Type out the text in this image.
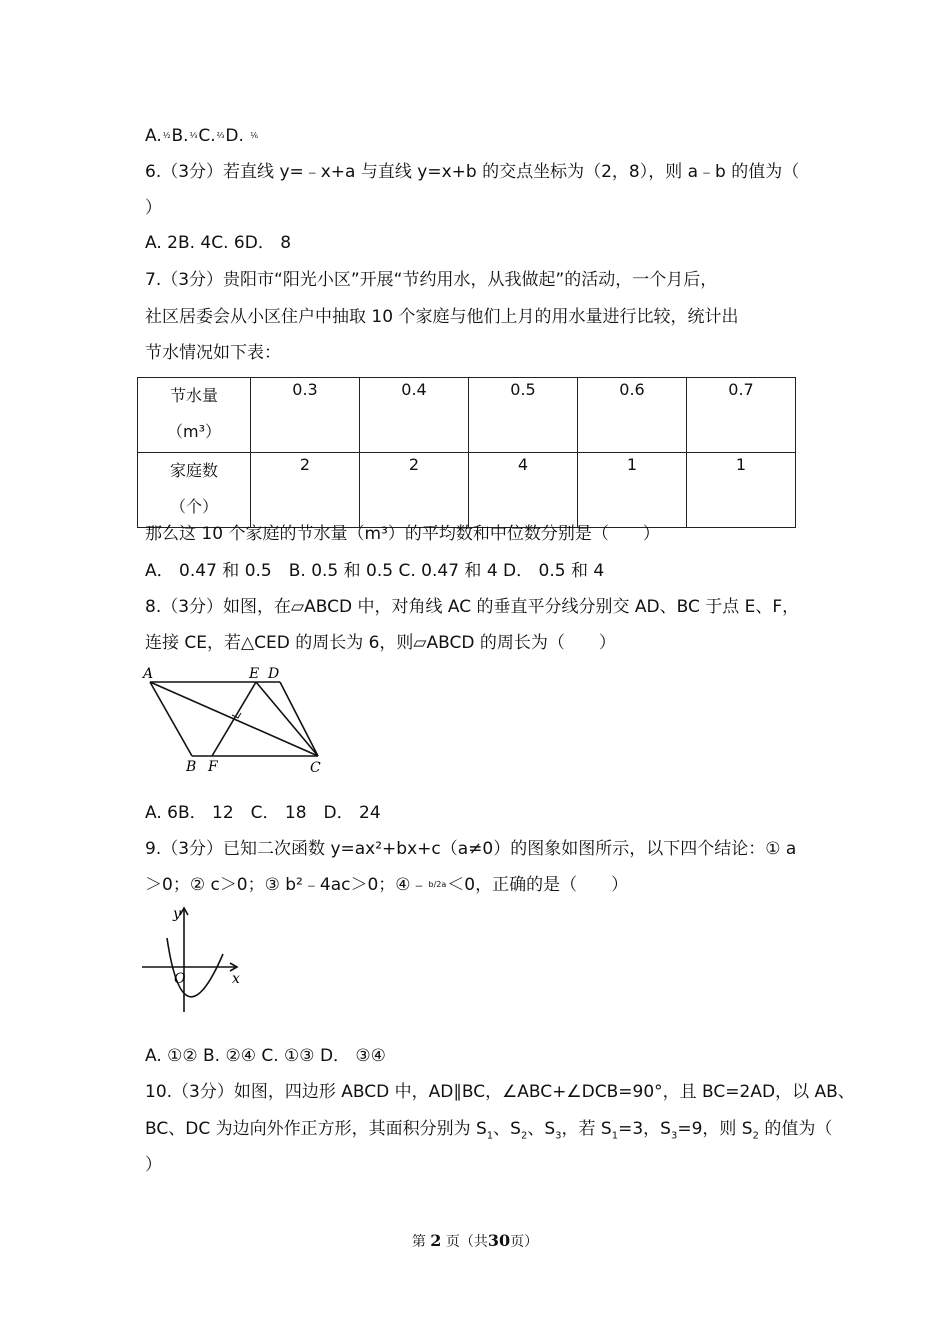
A.½B.⅓C.⅔D. ⅙
6.（3分）若直线 y=﹣x+a 与直线 y=x+b 的交点坐标为（2，8），则 a﹣b 的值为（
）
A. 2B. 4C. 6D． 8
7.（3分）贵阳市“阳光小区”开展“节约用水，从我做起”的活动，一个月后，
社区居委会从小区住户中抽取 10 个家庭与他们上月的用水量进行比较，统计出
节水情况如下表：
节水量
（m³）	0.3	0.4	0.5	0.6	0.7

家庭数
（个）	2	2	4	1	1
那么这 10 个家庭的节水量（m³）的平均数和中位数分别是（　　）
A． 0.47 和 0.5　B. 0.5 和 0.5 C. 0.47 和 4 D． 0.5 和 4
8.（3分）如图，在▱ABCD 中，对角线 AC 的垂直平分线分别交 AD、BC 于点 E、F，
连接 CE，若△CED 的周长为 6，则▱ABCD 的周长为（　　）
A	E D
B F	C
A. 6B． 12　C． 18　D． 24
9.（3分）已知二次函数 y=ax²+bx+c（a≠0）的图象如图所示，以下四个结论：① a
＞0；② c＞0；③ b²﹣4ac＞0；④﹣b/2a＜0，正确的是（　　）
y
x
O
A. ①② B. ②④ C. ①③ D． ③④
10.（3分）如图，四边形 ABCD 中，AD∥BC，∠ABC+∠DCB=90°，且 BC=2AD，以 AB、
BC、DC 为边向外作正方形，其面积分别为 $S_1$、$S_2$、$S_3$，若 $S_1=3$，$S_3=9$，则 $S_2$ 的值为（
）
第 2 页（共30页）
